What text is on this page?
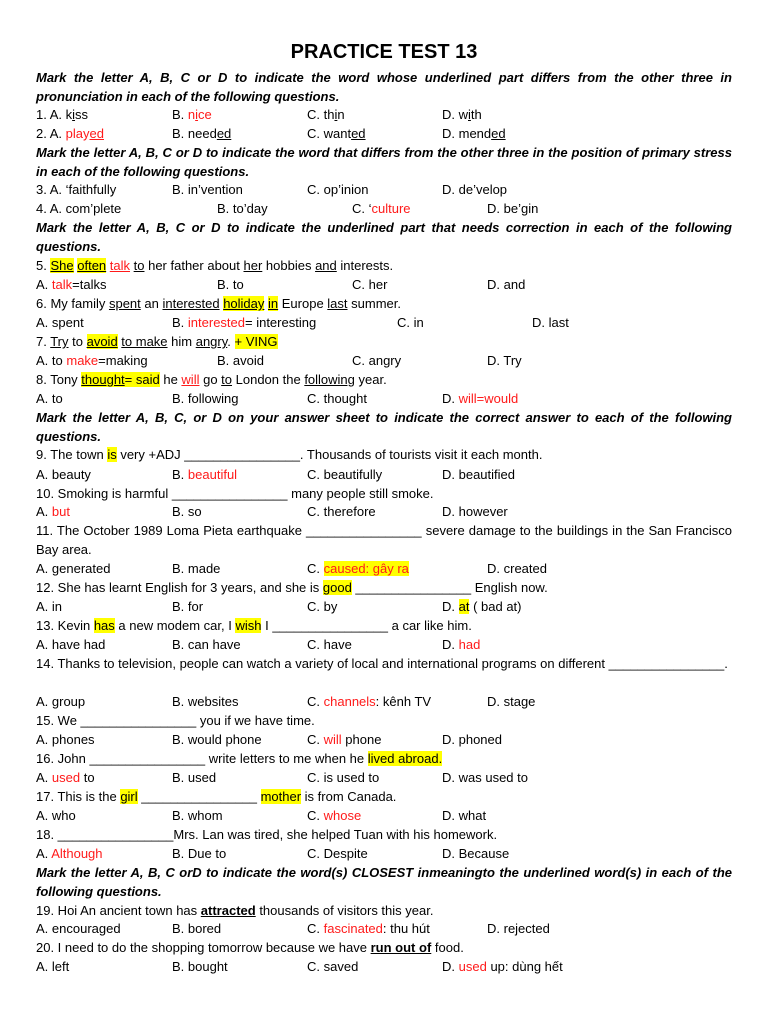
PRACTICE TEST 13
Mark the letter A, B, C or D to indicate the word whose underlined part differs from the other three in pronunciation in each of the following questions.
1. A. kiss	B. nice	C. thin	D. with
2. A. played	B. needed	C. wanted	D. mended
Mark the letter A, B, C or D to indicate the word that differs from the other three in the position of primary stress in each of the following questions.
3. A. ‘faithfully	B. in’vention	C. op’inion	D. de’velop
4. A. com’plete	B. to’day	C. ‘culture	D. be’gin
Mark the letter A, B, C or D to indicate the underlined part that needs correction in each of the following questions.
5. She often talk to her father about her hobbies and interests.
A. talk=talks	B. to	C. her	D. and
6. My family spent an interested holiday in Europe last summer.
A. spent	B. interested= interesting	C. in	D. last
7. Try to avoid to make him angry. + VING
A. to make=making	B. avoid	C. angry	D. Try
8. Tony thought= said he will go to London the following year.
A. to	B. following	C. thought	D. will=would
Mark the letter A, B, C, or D on your answer sheet to indicate the correct answer to each of the following questions.
9. The town is very +ADJ ________________. Thousands of tourists visit it each month.
A. beauty	B. beautiful	C. beautifully	D. beautified
10. Smoking is harmful ________________ many people still smoke.
A. but	B. so	C. therefore	D. however
11. The October 1989 Loma Pieta earthquake ________________ severe damage to the buildings in the San Francisco Bay area.
A. generated	B. made	C. caused: gây ra	D. created
12. She has learnt English for 3 years, and she is good ________________ English now.
A. in	B. for	C. by	D. at ( bad at)
13. Kevin has a new modem car, I wish I ________________ a car like him.
A. have had	B. can have	C. have	D. had
14. Thanks to television, people can watch a variety of local and international programs on different ________________.
A. group	B. websites	C. channels: kênh TV	D. stage
15. We ________________ you if we have time.
A. phones	B. would phone	C. will phone	D. phoned
16. John ________________ write letters to me when he lived abroad.
A. used to	B. used	C. is used to	D. was used to
17. This is the girl ________________ mother is from Canada.
A. who	B. whom	C. whose	D. what
18. ________________Mrs. Lan was tired, she helped Tuan with his homework.
A. Although	B. Due to	C. Despite	D. Because
Mark the letter A, B, C orD to indicate the word(s) CLOSEST inmeaningto the underlined word(s) in each of the following questions.
19. Hoi An ancient town has attracted thousands of visitors this year.
A. encouraged	B. bored	C. fascinated: thu hút	D. rejected
20. I need to do the shopping tomorrow because we have run out of food.
A. left	B. bought	C. saved	D. used up: dùng hết
